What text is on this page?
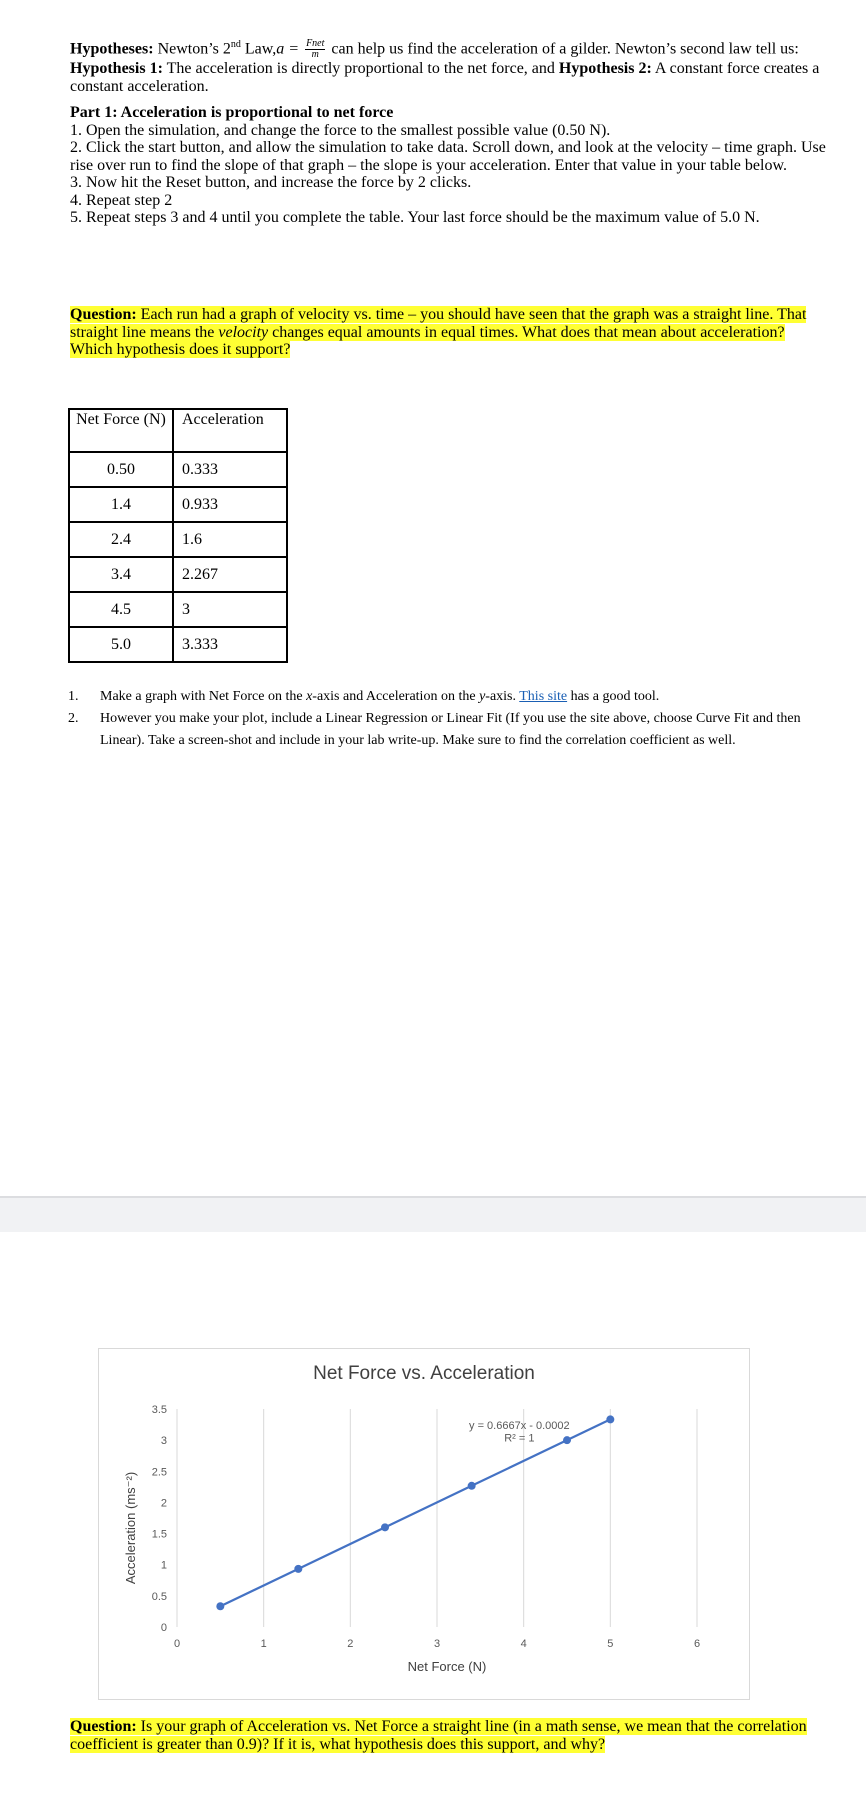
Hypotheses: Newton’s 2nd $Law,a = \frac{\text{Fnet}}{m}$ can help us find the acceleration of a gilder. Newton’s second law tell us: Hypothesis 1: The acceleration is directly proportional to the net force, and Hypothesis 2: A constant force creates a constant acceleration.
Part 1: Acceleration is proportional to net force
1. Open the simulation, and change the force to the smallest possible value (0.50 N).
2. Click the start button, and allow the simulation to take data. Scroll down, and look at the velocity – time graph. Use rise over run to find the slope of that graph – the slope is your acceleration. Enter that value in your table below.
3. Now hit the Reset button, and increase the force by 2 clicks.
4. Repeat step 2
5. Repeat steps 3 and 4 until you complete the table. Your last force should be the maximum value of 5.0 N.
Question: Each run had a graph of velocity vs. time – you should have seen that the graph was a straight line. That straight line means the velocity changes equal amounts in equal times. What does that mean about acceleration? Which hypothesis does it support?
Net Force (N)	Acceleration
0.50	0.333
1.4	0.933
2.4	1.6
3.4	2.267
4.5	3
5.0	3.333
1. Make a graph with Net Force on the x-axis and Acceleration on the y-axis. This site has a good tool.
2. However you make your plot, include a Linear Regression or Linear Fit (If you use the site above, choose Curve Fit and then Linear). Take a screen-shot and include in your lab write-up. Make sure to find the correlation coefficient as well.
Net Force vs. Acceleration
0	1	2	3	4	5	6
0
0.5
1
1.5
2
2.5
3
3.5
Net Force (N)
Acceleration (ms⁻²)
y = 0.6667x - 0.0002
R² = 1
Question: Is your graph of Acceleration vs. Net Force a straight line (in a math sense, we mean that the correlation coefficient is greater than 0.9)? If it is, what hypothesis does this support, and why?
